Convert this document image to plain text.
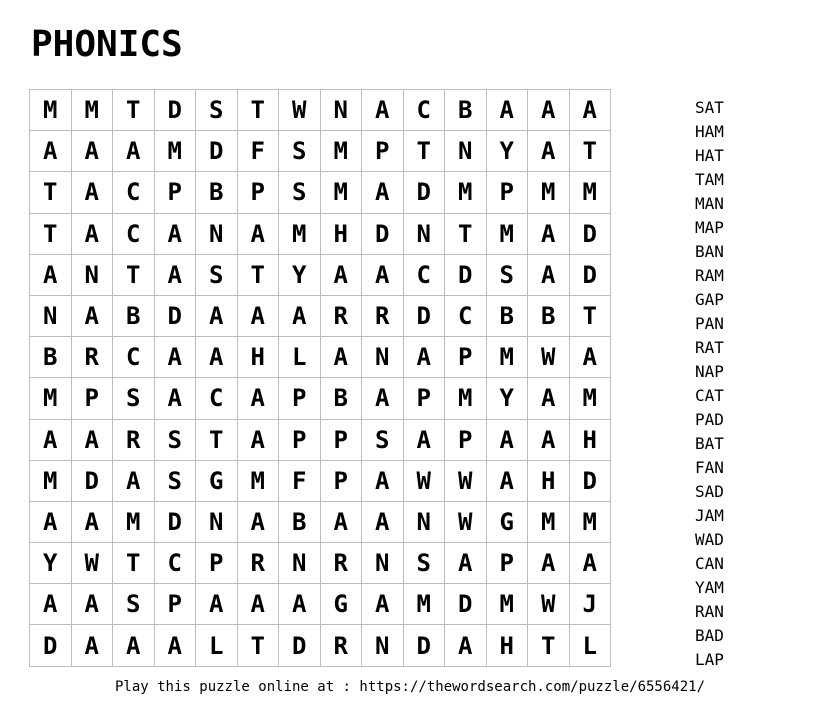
PHONICS
M	M	T	D	S	T	W	N	A	C	B	A	A	A
A	A	A	M	D	F	S	M	P	T	N	Y	A	T
T	A	C	P	B	P	S	M	A	D	M	P	M	M
T	A	C	A	N	A	M	H	D	N	T	M	A	D
A	N	T	A	S	T	Y	A	A	C	D	S	A	D
N	A	B	D	A	A	A	R	R	D	C	B	B	T
B	R	C	A	A	H	L	A	N	A	P	M	W	A
M	P	S	A	C	A	P	B	A	P	M	Y	A	M
A	A	R	S	T	A	P	P	S	A	P	A	A	H
M	D	A	S	G	M	F	P	A	W	W	A	H	D
A	A	M	D	N	A	B	A	A	N	W	G	M	M
Y	W	T	C	P	R	N	R	N	S	A	P	A	A
A	A	S	P	A	A	A	G	A	M	D	M	W	J
D	A	A	A	L	T	D	R	N	D	A	H	T	L
SAT
HAM
HAT
TAM
MAN
MAP
BAN
RAM
GAP
PAN
RAT
NAP
CAT
PAD
BAT
FAN
SAD
JAM
WAD
CAN
YAM
RAN
BAD
LAP
Play this puzzle online at : https://thewordsearch.com/puzzle/6556421/
